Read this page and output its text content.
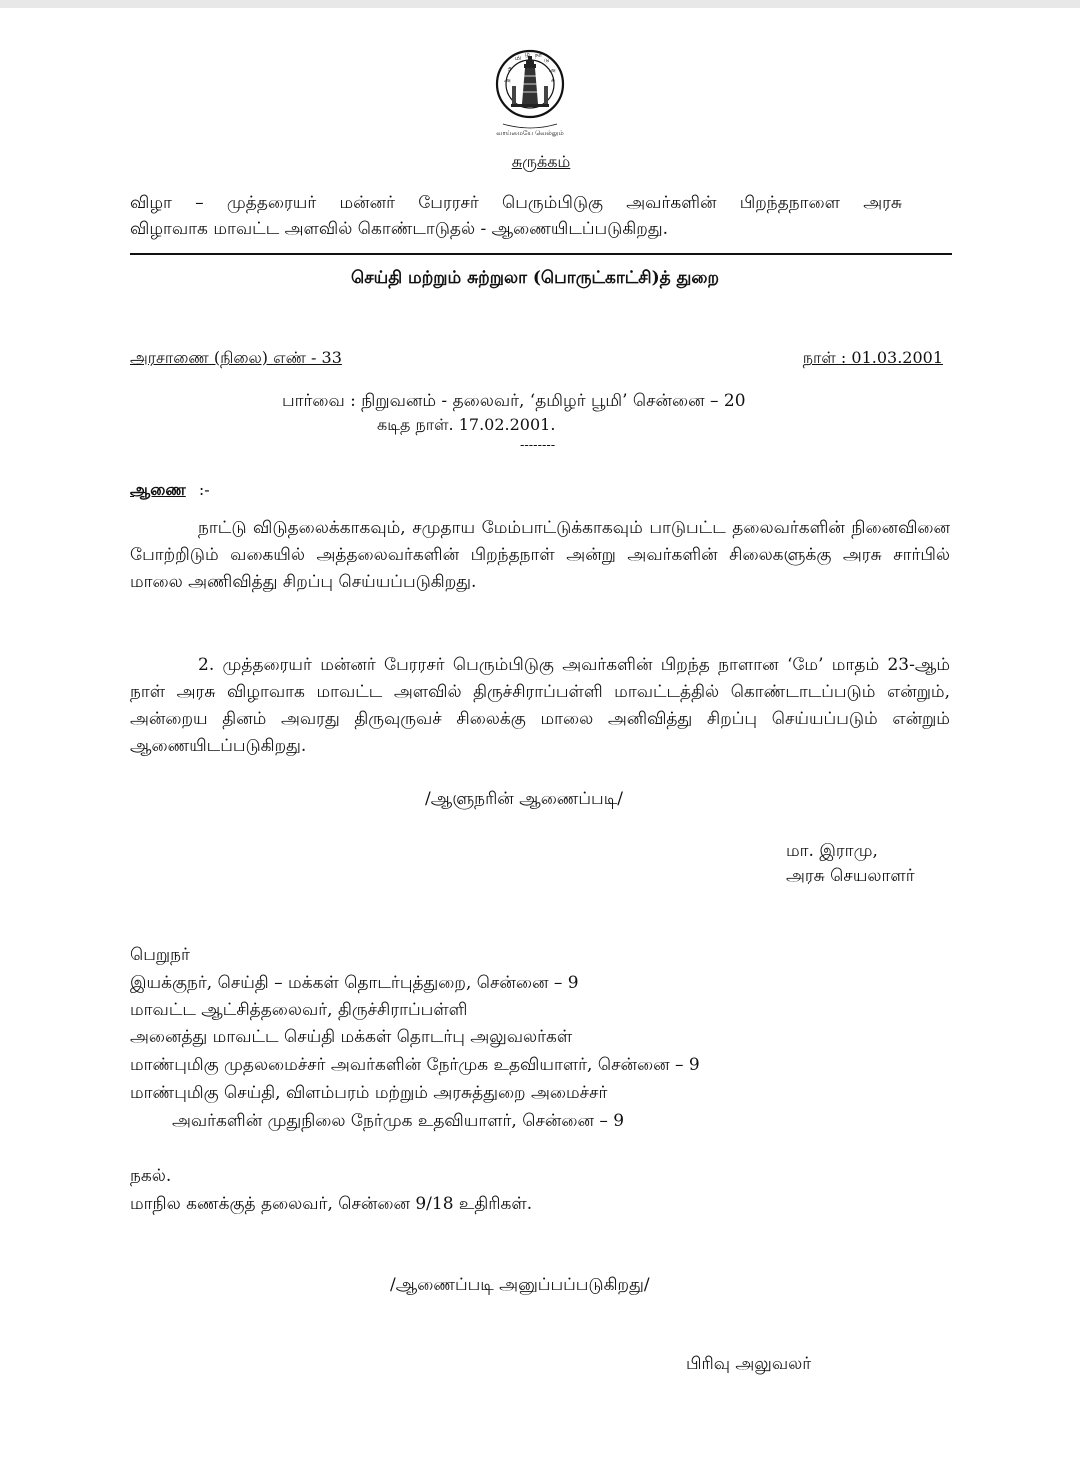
த
மி
ழ் நா
டு
அ
அ	சு
வாய்மையே வெல்லும்
சுருக்கம்
விழா – முத்தரையர் மன்னர் பேரரசர் பெரும்பிடுகு அவர்களின் பிறந்தநாளை அரசு
விழாவாக மாவட்ட அளவில் கொண்டாடுதல் - ஆணையிடப்படுகிறது.
செய்தி மற்றும் சுற்றுலா (பொருட்காட்சி)த் துறை
அரசாணை (நிலை) எண் - 33	நாள் : 01.03.2001
பார்வை : நிறுவனம் - தலைவர், ‘தமிழர் பூமி’ சென்னை – 20
கடித நாள். 17.02.2001.
--------
ஆணை :-
நாட்டு விடுதலைக்காகவும், சமுதாய மேம்பாட்டுக்காகவும் பாடுபட்ட தலைவர்களின் நினைவினை போற்றிடும் வகையில் அத்தலைவர்களின் பிறந்தநாள் அன்று அவர்களின் சிலைகளுக்கு அரசு சார்பில் மாலை அணிவித்து சிறப்பு செய்யப்படுகிறது.
2. முத்தரையர் மன்னர் பேரரசர் பெரும்பிடுகு அவர்களின் பிறந்த நாளான ‘மே’ மாதம் 23-ஆம் நாள் அரசு விழாவாக மாவட்ட அளவில் திருச்சிராப்பள்ளி மாவட்டத்தில் கொண்டாடப்படும் என்றும், அன்றைய தினம் அவரது திருவுருவச் சிலைக்கு மாலை அனிவித்து சிறப்பு செய்யப்படும் என்றும் ஆணையிடப்படுகிறது.
/ஆளுநரின் ஆணைப்படி/
மா. இராமு,
அரசு செயலாளர்
பெறுநர்
இயக்குநர், செய்தி – மக்கள் தொடர்புத்துறை, சென்னை – 9
மாவட்ட ஆட்சித்தலைவர், திருச்சிராப்பள்ளி
அனைத்து மாவட்ட செய்தி மக்கள் தொடர்பு அலுவலர்கள்
மாண்புமிகு முதலமைச்சர் அவர்களின் நேர்முக உதவியாளர், சென்னை – 9
மாண்புமிகு செய்தி, விளம்பரம் மற்றும் அரசுத்துறை அமைச்சர்
அவர்களின் முதுநிலை நேர்முக உதவியாளர், சென்னை – 9
நகல்.
மாநில கணக்குத் தலைவர், சென்னை 9/18 உதிரிகள்.
/ஆணைப்படி அனுப்பப்படுகிறது/
பிரிவு அலுவலர்
